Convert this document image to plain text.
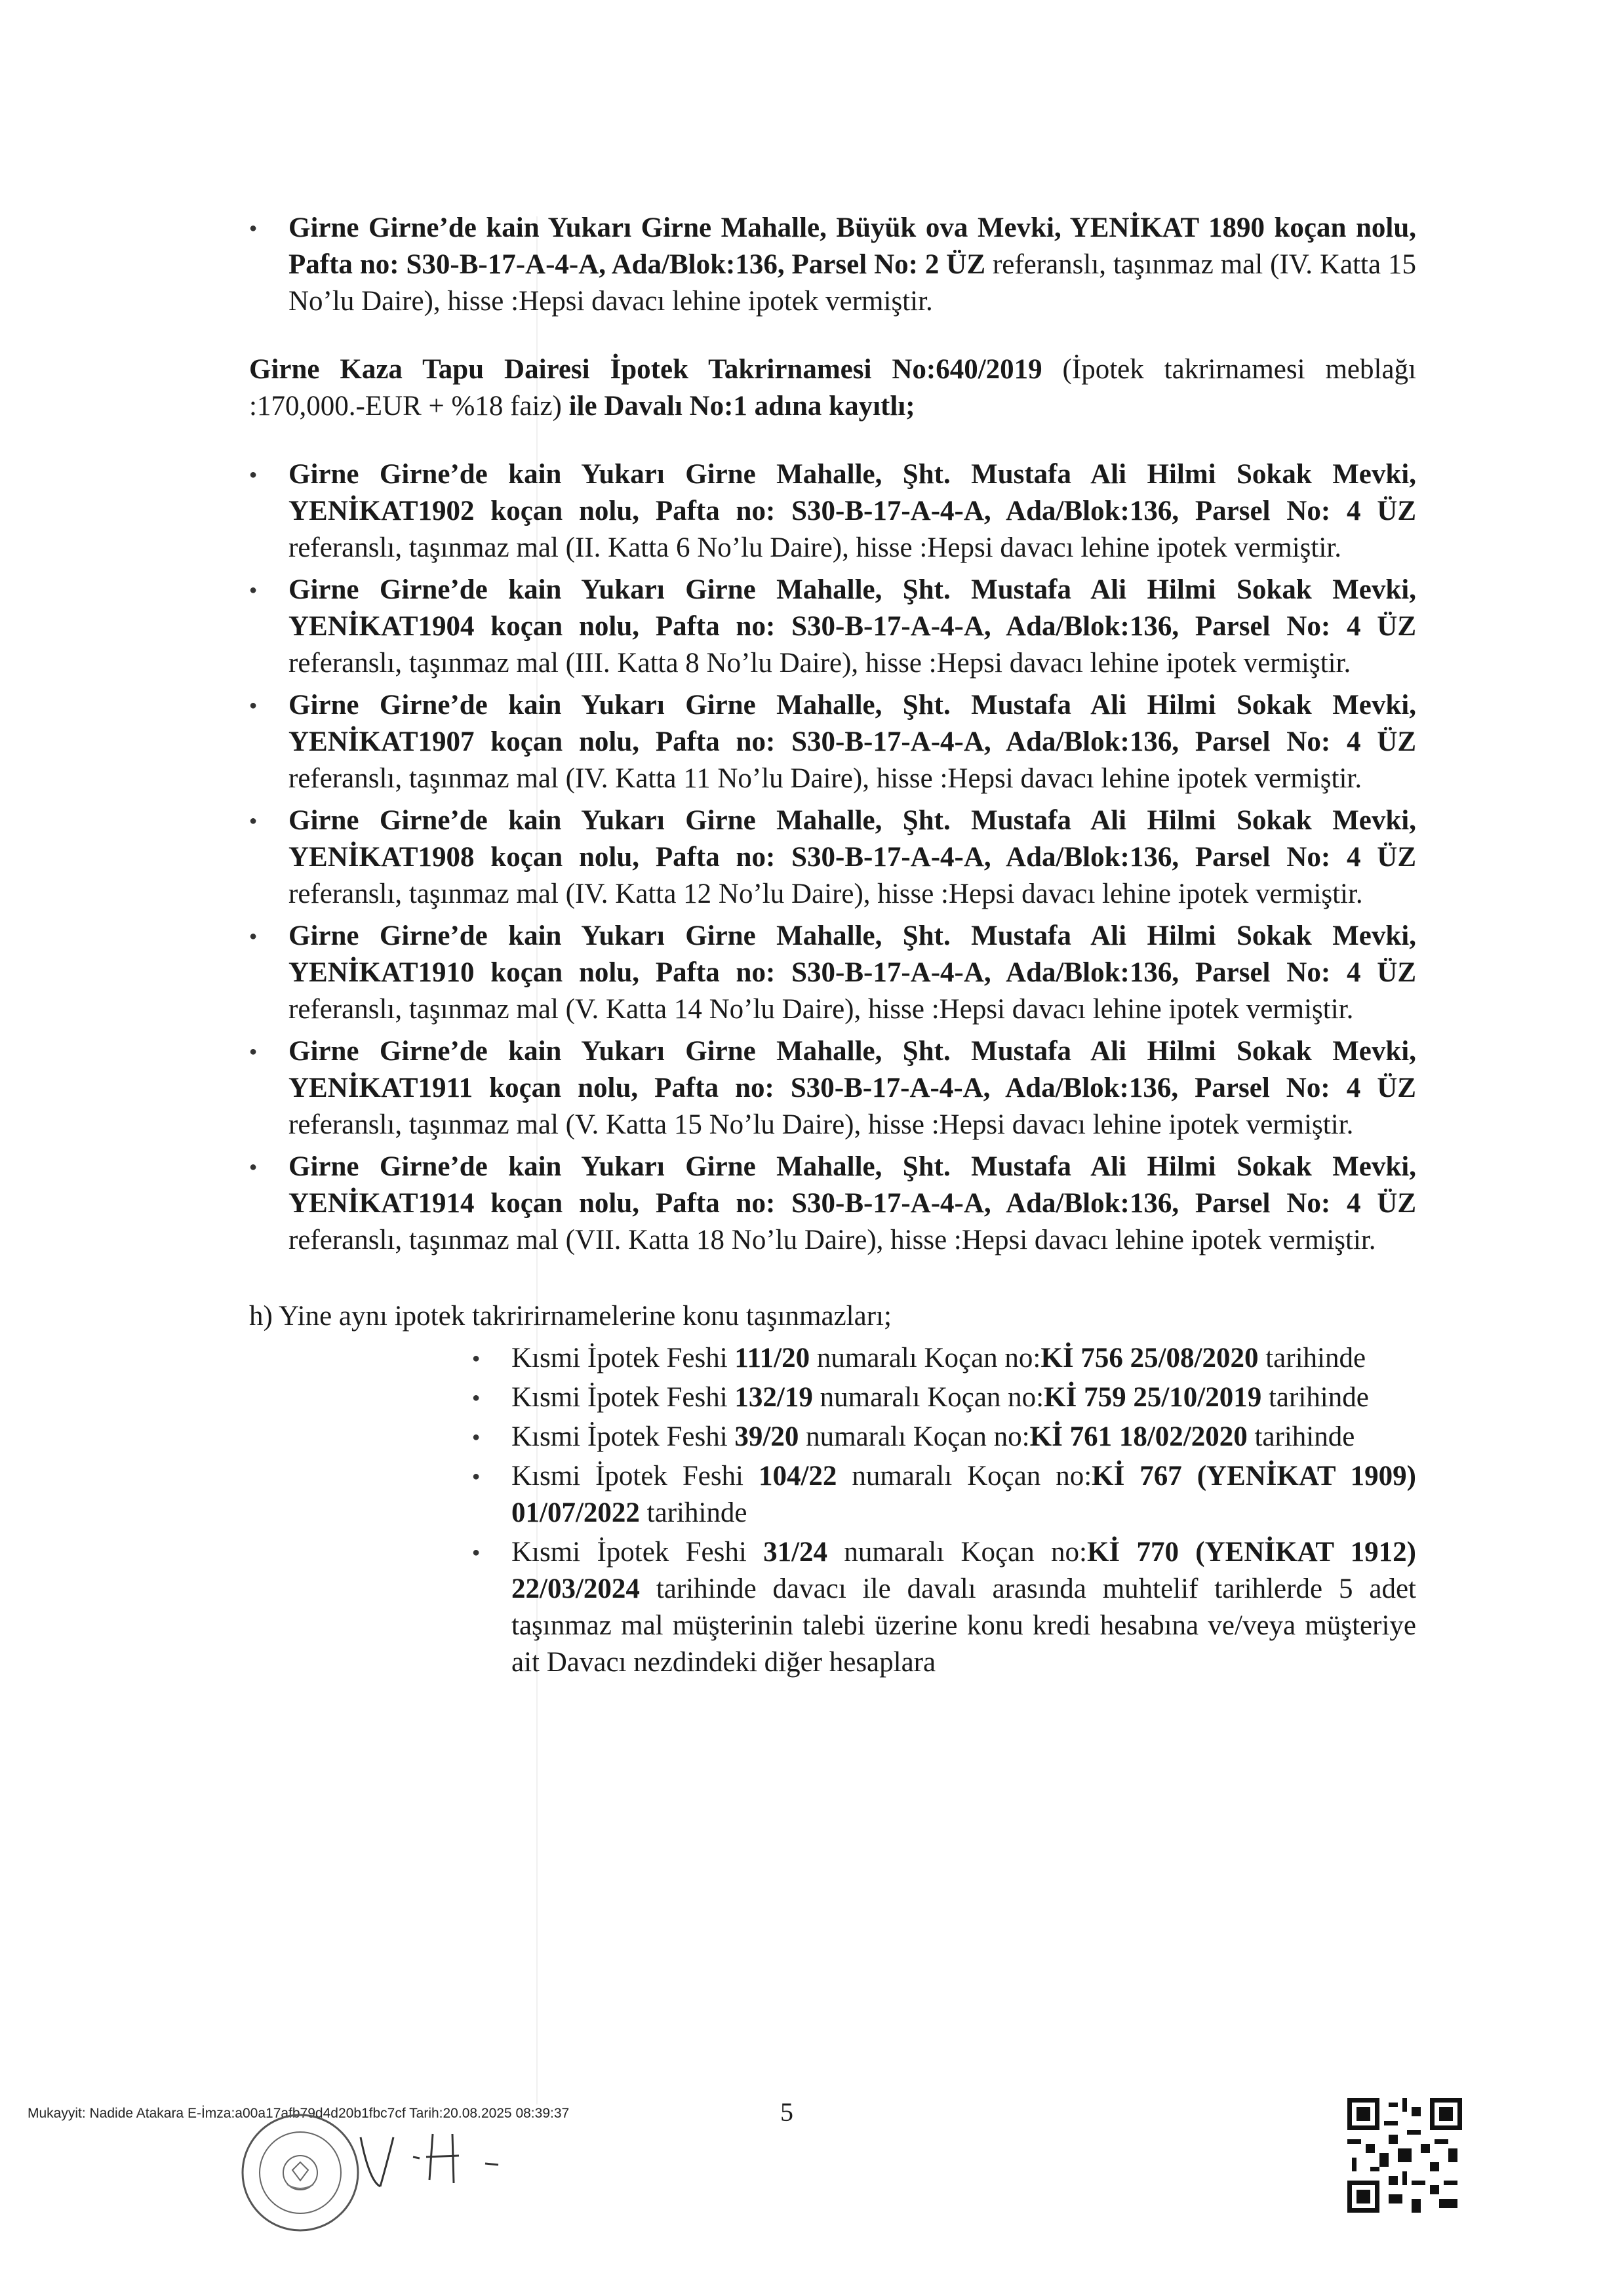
● Girne Girne’de kain Yukarı Girne Mahalle, Büyük ova Mevki, YENİKAT 1890 koçan nolu, Pafta no: S30-B-17-A-4-A, Ada/Blok:136, Parsel No: 2 ÜZ referanslı, taşınmaz mal (IV. Katta 15 No’lu Daire), hisse :Hepsi davacı lehine ipotek vermiştir.

Girne Kaza Tapu Dairesi İpotek Takrirnamesi No:640/2019 (İpotek takrirnamesi meblağı :170,000.-EUR + %18 faiz) ile Davalı No:1 adına kayıtlı;

● Girne Girne’de kain Yukarı Girne Mahalle, Şht. Mustafa Ali Hilmi Sokak Mevki, YENİKAT1902 koçan nolu, Pafta no: S30-B-17-A-4-A, Ada/Blok:136, Parsel No: 4 ÜZ referanslı, taşınmaz mal (II. Katta 6 No’lu Daire), hisse :Hepsi davacı lehine ipotek vermiştir.
● Girne Girne’de kain Yukarı Girne Mahalle, Şht. Mustafa Ali Hilmi Sokak Mevki, YENİKAT1904 koçan nolu, Pafta no: S30-B-17-A-4-A, Ada/Blok:136, Parsel No: 4 ÜZ referanslı, taşınmaz mal (III. Katta 8 No’lu Daire), hisse :Hepsi davacı lehine ipotek vermiştir.
● Girne Girne’de kain Yukarı Girne Mahalle, Şht. Mustafa Ali Hilmi Sokak Mevki, YENİKAT1907 koçan nolu, Pafta no: S30-B-17-A-4-A, Ada/Blok:136, Parsel No: 4 ÜZ referanslı, taşınmaz mal (IV. Katta 11 No’lu Daire), hisse :Hepsi davacı lehine ipotek vermiştir.
● Girne Girne’de kain Yukarı Girne Mahalle, Şht. Mustafa Ali Hilmi Sokak Mevki, YENİKAT1908 koçan nolu, Pafta no: S30-B-17-A-4-A, Ada/Blok:136, Parsel No: 4 ÜZ referanslı, taşınmaz mal (IV. Katta 12 No’lu Daire), hisse :Hepsi davacı lehine ipotek vermiştir.
● Girne Girne’de kain Yukarı Girne Mahalle, Şht. Mustafa Ali Hilmi Sokak Mevki, YENİKAT1910 koçan nolu, Pafta no: S30-B-17-A-4-A, Ada/Blok:136, Parsel No: 4 ÜZ referanslı, taşınmaz mal (V. Katta 14 No’lu Daire), hisse :Hepsi davacı lehine ipotek vermiştir.
● Girne Girne’de kain Yukarı Girne Mahalle, Şht. Mustafa Ali Hilmi Sokak Mevki, YENİKAT1911 koçan nolu, Pafta no: S30-B-17-A-4-A, Ada/Blok:136, Parsel No: 4 ÜZ referanslı, taşınmaz mal (V. Katta 15 No’lu Daire), hisse :Hepsi davacı lehine ipotek vermiştir.
● Girne Girne’de kain Yukarı Girne Mahalle, Şht. Mustafa Ali Hilmi Sokak Mevki, YENİKAT1914 koçan nolu, Pafta no: S30-B-17-A-4-A, Ada/Blok:136, Parsel No: 4 ÜZ referanslı, taşınmaz mal (VII. Katta 18 No’lu Daire), hisse :Hepsi davacı lehine ipotek vermiştir.
h) Yine aynı ipotek takririrnamelerine konu taşınmazları;
● Kısmi İpotek Feshi 111/20 numaralı Koçan no:Kİ 756 25/08/2020 tarihinde
● Kısmi İpotek Feshi 132/19 numaralı Koçan no:Kİ 759 25/10/2019 tarihinde
● Kısmi İpotek Feshi 39/20 numaralı Koçan no:Kİ 761 18/02/2020 tarihinde
● Kısmi İpotek Feshi 104/22 numaralı Koçan no:Kİ 767 (YENİKAT 1909) 01/07/2022 tarihinde
● Kısmi İpotek Feshi 31/24 numaralı Koçan no:Kİ 770 (YENİKAT 1912) 22/03/2024 tarihinde davacı ile davalı arasında muhtelif tarihlerde 5 adet taşınmaz mal müşterinin talebi üzerine konu kredi hesabına ve/veya müşteriye ait Davacı nezdindeki diğer hesaplara
Mukayyit: Nadide Atakara E-İmza:a00a17afb79d4d20b1fbc7cf Tarih:20.08.2025 08:39:37	5
